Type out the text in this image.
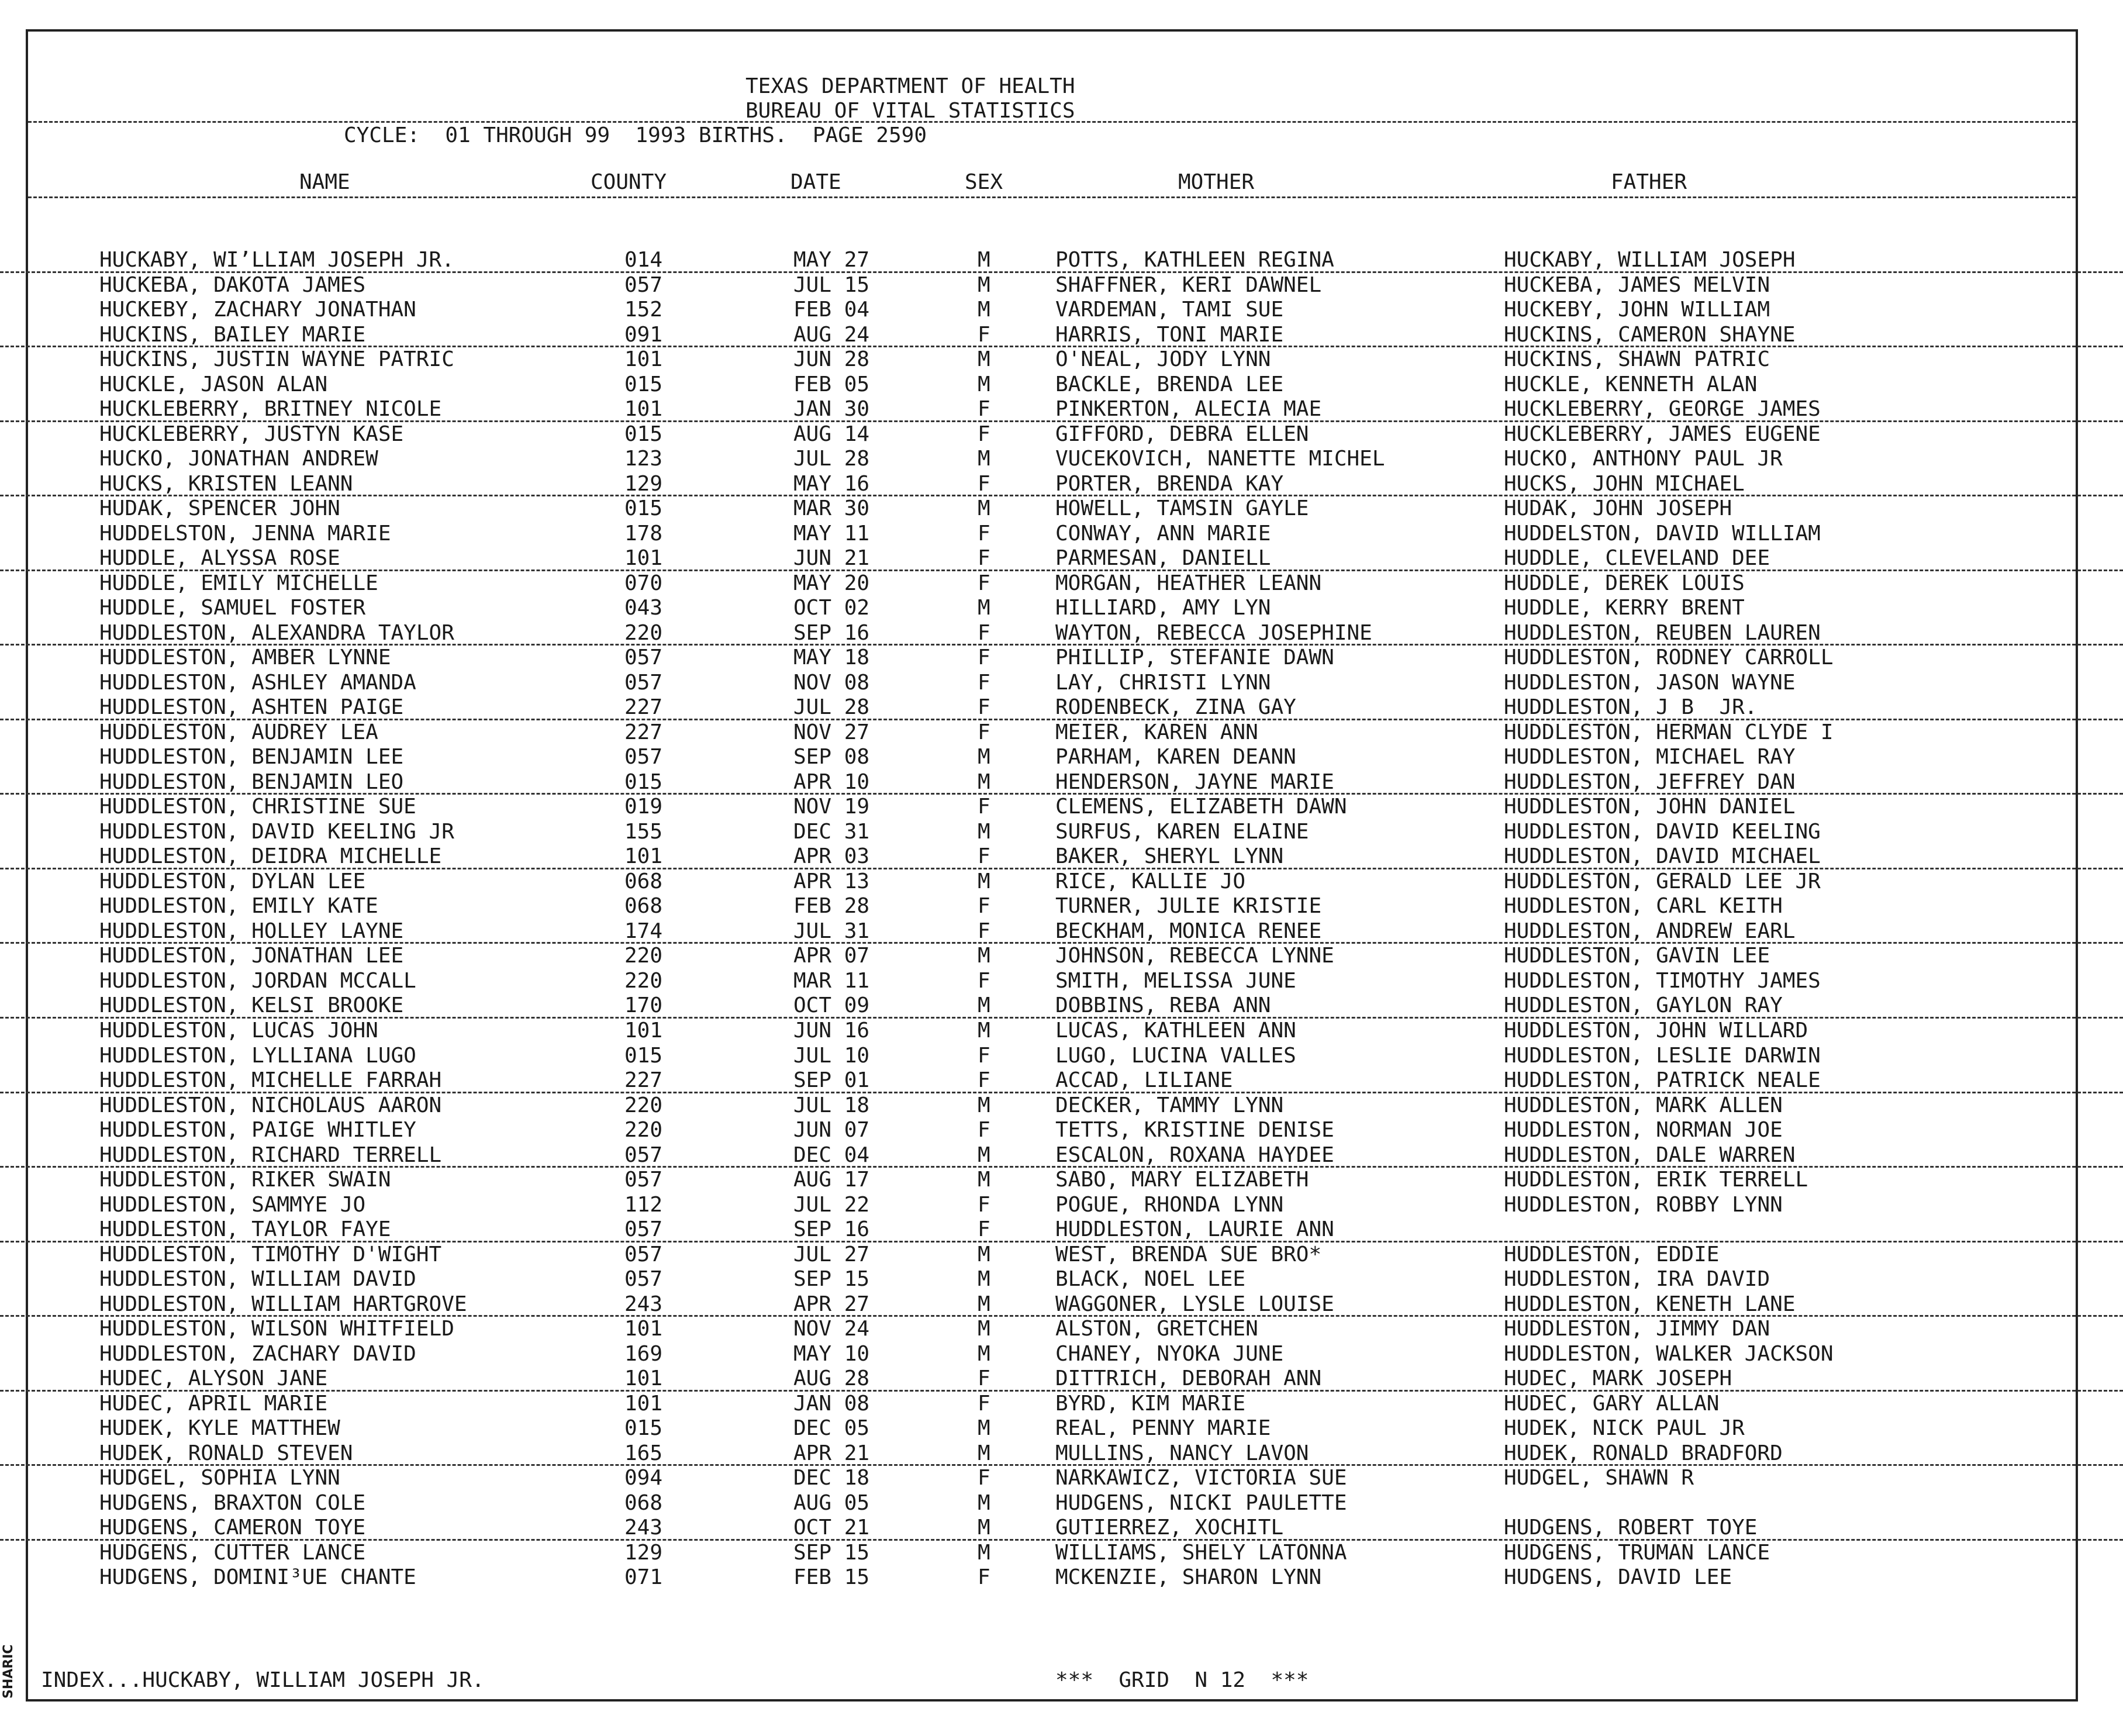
TEXAS DEPARTMENT OF HEALTH
BUREAU OF VITAL STATISTICS
CYCLE:  01 THROUGH 99  1993 BIRTHS.  PAGE 2590
NAME	COUNTY	DATE	SEX	MOTHER	FATHER
HUCKABY, WI’LLIAM JOSEPH JR.	014	MAY 27	M	POTTS, KATHLEEN REGINA	HUCKABY, WILLIAM JOSEPH
HUCKEBA, DAKOTA JAMES	057	JUL 15	M	SHAFFNER, KERI DAWNEL	HUCKEBA, JAMES MELVIN
HUCKEBY, ZACHARY JONATHAN	152	FEB 04	M	VARDEMAN, TAMI SUE	HUCKEBY, JOHN WILLIAM
HUCKINS, BAILEY MARIE	091	AUG 24	F	HARRIS, TONI MARIE	HUCKINS, CAMERON SHAYNE
HUCKINS, JUSTIN WAYNE PATRIC	101	JUN 28	M	O'NEAL, JODY LYNN	HUCKINS, SHAWN PATRIC
HUCKLE, JASON ALAN	015	FEB 05	M	BACKLE, BRENDA LEE	HUCKLE, KENNETH ALAN
HUCKLEBERRY, BRITNEY NICOLE	101	JAN 30	F	PINKERTON, ALECIA MAE	HUCKLEBERRY, GEORGE JAMES
HUCKLEBERRY, JUSTYN KASE	015	AUG 14	F	GIFFORD, DEBRA ELLEN	HUCKLEBERRY, JAMES EUGENE
HUCKO, JONATHAN ANDREW	123	JUL 28	M	VUCEKOVICH, NANETTE MICHEL	HUCKO, ANTHONY PAUL JR
HUCKS, KRISTEN LEANN	129	MAY 16	F	PORTER, BRENDA KAY	HUCKS, JOHN MICHAEL
HUDAK, SPENCER JOHN	015	MAR 30	M	HOWELL, TAMSIN GAYLE	HUDAK, JOHN JOSEPH
HUDDELSTON, JENNA MARIE	178	MAY 11	F	CONWAY, ANN MARIE	HUDDELSTON, DAVID WILLIAM
HUDDLE, ALYSSA ROSE	101	JUN 21	F	PARMESAN, DANIELL	HUDDLE, CLEVELAND DEE
HUDDLE, EMILY MICHELLE	070	MAY 20	F	MORGAN, HEATHER LEANN	HUDDLE, DEREK LOUIS
HUDDLE, SAMUEL FOSTER	043	OCT 02	M	HILLIARD, AMY LYN	HUDDLE, KERRY BRENT
HUDDLESTON, ALEXANDRA TAYLOR	220	SEP 16	F	WAYTON, REBECCA JOSEPHINE	HUDDLESTON, REUBEN LAUREN
HUDDLESTON, AMBER LYNNE	057	MAY 18	F	PHILLIP, STEFANIE DAWN	HUDDLESTON, RODNEY CARROLL
HUDDLESTON, ASHLEY AMANDA	057	NOV 08	F	LAY, CHRISTI LYNN	HUDDLESTON, JASON WAYNE
HUDDLESTON, ASHTEN PAIGE	227	JUL 28	F	RODENBECK, ZINA GAY	HUDDLESTON, J B  JR.
HUDDLESTON, AUDREY LEA	227	NOV 27	F	MEIER, KAREN ANN	HUDDLESTON, HERMAN CLYDE I
HUDDLESTON, BENJAMIN LEE	057	SEP 08	M	PARHAM, KAREN DEANN	HUDDLESTON, MICHAEL RAY
HUDDLESTON, BENJAMIN LEO	015	APR 10	M	HENDERSON, JAYNE MARIE	HUDDLESTON, JEFFREY DAN
HUDDLESTON, CHRISTINE SUE	019	NOV 19	F	CLEMENS, ELIZABETH DAWN	HUDDLESTON, JOHN DANIEL
HUDDLESTON, DAVID KEELING JR	155	DEC 31	M	SURFUS, KAREN ELAINE	HUDDLESTON, DAVID KEELING
HUDDLESTON, DEIDRA MICHELLE	101	APR 03	F	BAKER, SHERYL LYNN	HUDDLESTON, DAVID MICHAEL
HUDDLESTON, DYLAN LEE	068	APR 13	M	RICE, KALLIE JO	HUDDLESTON, GERALD LEE JR
HUDDLESTON, EMILY KATE	068	FEB 28	F	TURNER, JULIE KRISTIE	HUDDLESTON, CARL KEITH
HUDDLESTON, HOLLEY LAYNE	174	JUL 31	F	BECKHAM, MONICA RENEE	HUDDLESTON, ANDREW EARL
HUDDLESTON, JONATHAN LEE	220	APR 07	M	JOHNSON, REBECCA LYNNE	HUDDLESTON, GAVIN LEE
HUDDLESTON, JORDAN MCCALL	220	MAR 11	F	SMITH, MELISSA JUNE	HUDDLESTON, TIMOTHY JAMES
HUDDLESTON, KELSI BROOKE	170	OCT 09	M	DOBBINS, REBA ANN	HUDDLESTON, GAYLON RAY
HUDDLESTON, LUCAS JOHN	101	JUN 16	M	LUCAS, KATHLEEN ANN	HUDDLESTON, JOHN WILLARD
HUDDLESTON, LYLLIANA LUGO	015	JUL 10	F	LUGO, LUCINA VALLES	HUDDLESTON, LESLIE DARWIN
HUDDLESTON, MICHELLE FARRAH	227	SEP 01	F	ACCAD, LILIANE	HUDDLESTON, PATRICK NEALE
HUDDLESTON, NICHOLAUS AARON	220	JUL 18	M	DECKER, TAMMY LYNN	HUDDLESTON, MARK ALLEN
HUDDLESTON, PAIGE WHITLEY	220	JUN 07	F	TETTS, KRISTINE DENISE	HUDDLESTON, NORMAN JOE
HUDDLESTON, RICHARD TERRELL	057	DEC 04	M	ESCALON, ROXANA HAYDEE	HUDDLESTON, DALE WARREN
HUDDLESTON, RIKER SWAIN	057	AUG 17	M	SABO, MARY ELIZABETH	HUDDLESTON, ERIK TERRELL
HUDDLESTON, SAMMYE JO	112	JUL 22	F	POGUE, RHONDA LYNN	HUDDLESTON, ROBBY LYNN
HUDDLESTON, TAYLOR FAYE	057	SEP 16	F	HUDDLESTON, LAURIE ANN
HUDDLESTON, TIMOTHY D'WIGHT	057	JUL 27	M	WEST, BRENDA SUE BRO*	HUDDLESTON, EDDIE
HUDDLESTON, WILLIAM DAVID	057	SEP 15	M	BLACK, NOEL LEE	HUDDLESTON, IRA DAVID
HUDDLESTON, WILLIAM HARTGROVE	243	APR 27	M	WAGGONER, LYSLE LOUISE	HUDDLESTON, KENETH LANE
HUDDLESTON, WILSON WHITFIELD	101	NOV 24	M	ALSTON, GRETCHEN	HUDDLESTON, JIMMY DAN
HUDDLESTON, ZACHARY DAVID	169	MAY 10	M	CHANEY, NYOKA JUNE	HUDDLESTON, WALKER JACKSON
HUDEC, ALYSON JANE	101	AUG 28	F	DITTRICH, DEBORAH ANN	HUDEC, MARK JOSEPH
HUDEC, APRIL MARIE	101	JAN 08	F	BYRD, KIM MARIE	HUDEC, GARY ALLAN
HUDEK, KYLE MATTHEW	015	DEC 05	M	REAL, PENNY MARIE	HUDEK, NICK PAUL JR
HUDEK, RONALD STEVEN	165	APR 21	M	MULLINS, NANCY LAVON	HUDEK, RONALD BRADFORD
HUDGEL, SOPHIA LYNN	094	DEC 18	F	NARKAWICZ, VICTORIA SUE	HUDGEL, SHAWN R
HUDGENS, BRAXTON COLE	068	AUG 05	M	HUDGENS, NICKI PAULETTE
HUDGENS, CAMERON TOYE	243	OCT 21	M	GUTIERREZ, XOCHITL	HUDGENS, ROBERT TOYE
HUDGENS, CUTTER LANCE	129	SEP 15	M	WILLIAMS, SHELY LATONNA	HUDGENS, TRUMAN LANCE
HUDGENS, DOMINI³UE CHANTE	071	FEB 15	F	MCKENZIE, SHARON LYNN	HUDGENS, DAVID LEE
INDEX...HUCKABY, WILLIAM JOSEPH JR.	***  GRID  N 12  ***
SHARIC
